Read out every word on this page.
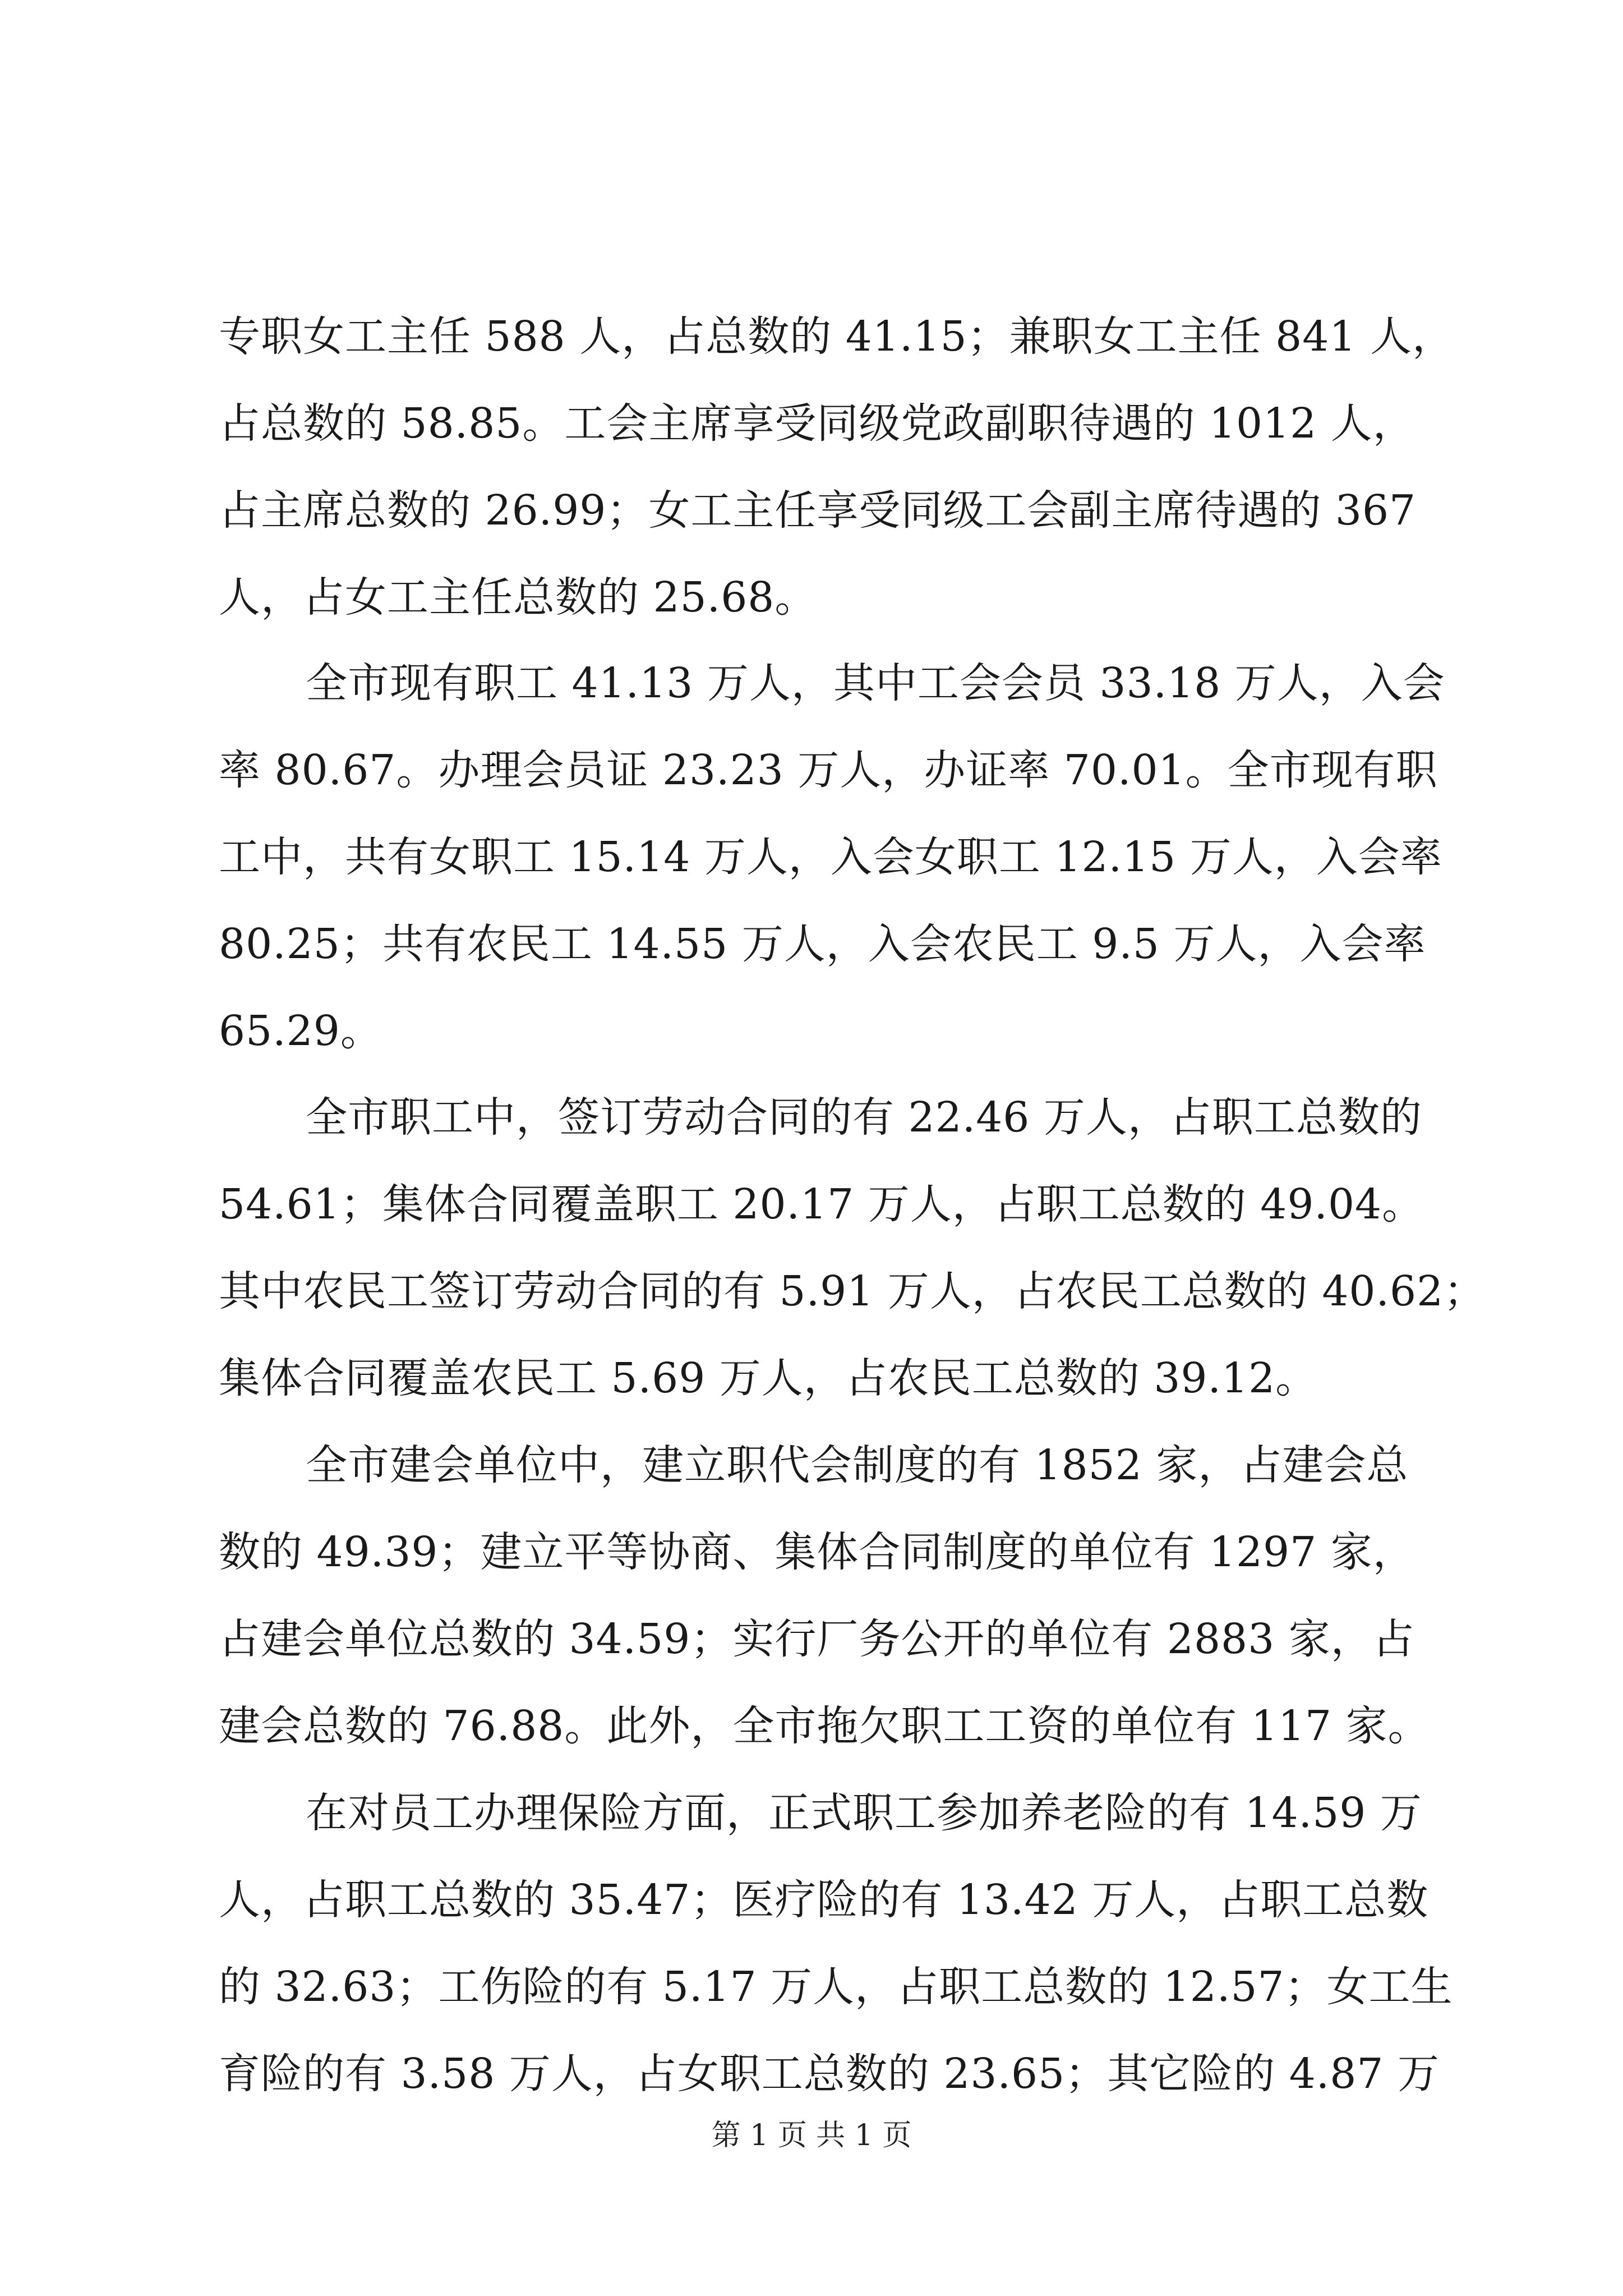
专职女工主任 588 人，占总数的 41.15；兼职女工主任 841 人，
占总数的 58.85。工会主席享受同级党政副职待遇的 1012 人，
占主席总数的 26.99；女工主任享受同级工会副主席待遇的 367
人，占女工主任总数的 25.68。
全市现有职工 41.13 万人，其中工会会员 33.18 万人，入会
率 80.67。办理会员证 23.23 万人，办证率 70.01。全市现有职
工中，共有女职工 15.14 万人，入会女职工 12.15 万人，入会率
80.25；共有农民工 14.55 万人，入会农民工 9.5 万人，入会率
65.29。
全市职工中，签订劳动合同的有 22.46 万人，占职工总数的
54.61；集体合同覆盖职工 20.17 万人，占职工总数的 49.04。
其中农民工签订劳动合同的有 5.91 万人，占农民工总数的 40.62；
集体合同覆盖农民工 5.69 万人，占农民工总数的 39.12。
全市建会单位中，建立职代会制度的有 1852 家，占建会总
数的 49.39；建立平等协商、集体合同制度的单位有 1297 家，
占建会单位总数的 34.59；实行厂务公开的单位有 2883 家，占
建会总数的 76.88。此外，全市拖欠职工工资的单位有 117 家。
在对员工办理保险方面，正式职工参加养老险的有 14.59 万
人，占职工总数的 35.47；医疗险的有 13.42 万人，占职工总数
的 32.63；工伤险的有 5.17 万人，占职工总数的 12.57；女工生
育险的有 3.58 万人，占女职工总数的 23.65；其它险的 4.87 万
第 1 页 共 1 页
